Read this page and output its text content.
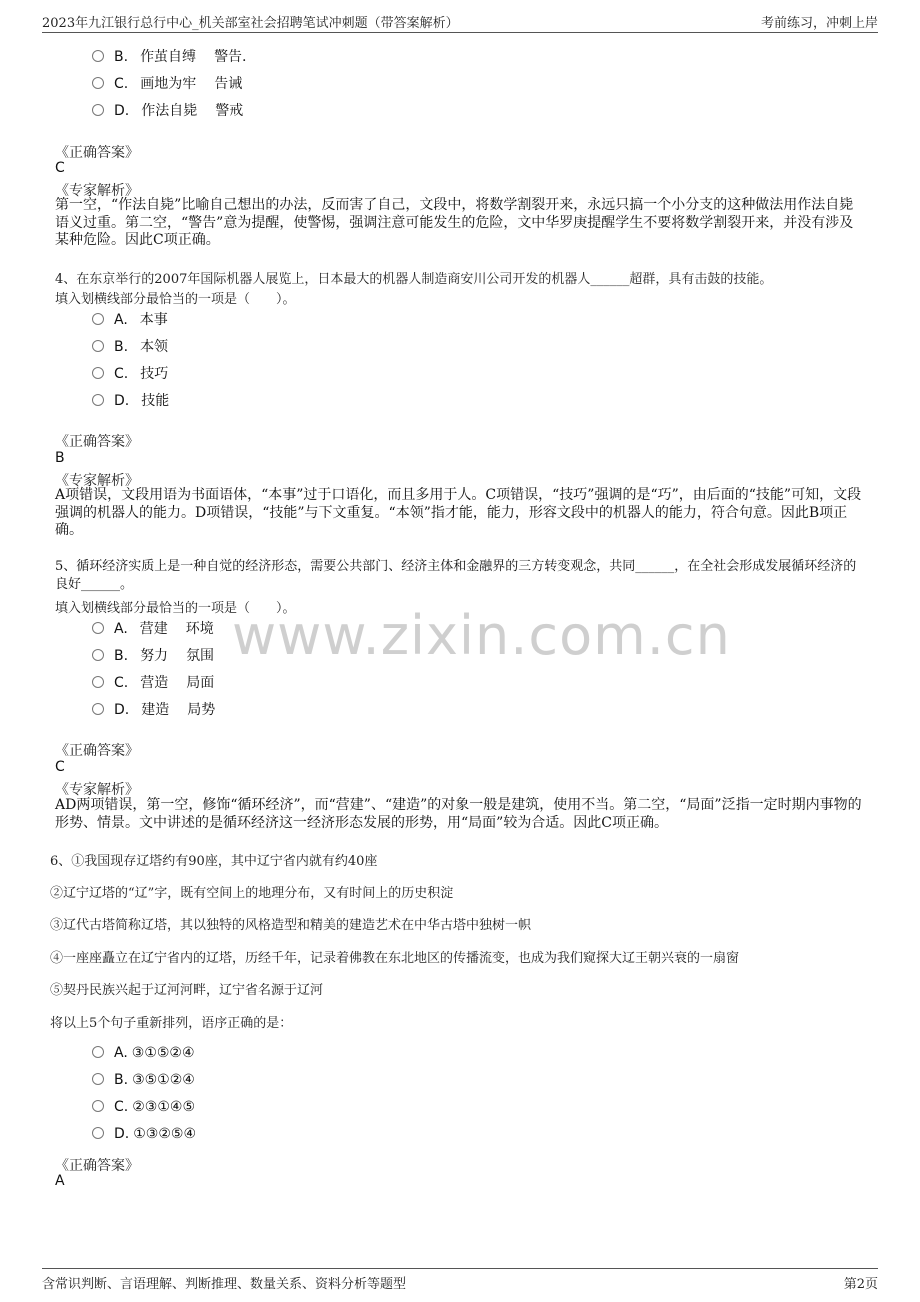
2023年九江银行总行中心_机关部室社会招聘笔试冲刺题（带答案解析）	考前练习，冲刺上岸
www.zixin.com.cn
B. 作茧自缚 警告.
C. 画地为牢 告诫
D. 作法自毙 警戒
《正确答案》
C
《专家解析》
第一空，“作法自毙”比喻自己想出的办法，反而害了自己，文段中，将数学割裂开来，永远只搞一个小分支的这种做法用作法自毙语义过重。第二空，“警告”意为提醒，使警惕，强调注意可能发生的危险，文中华罗庚提醒学生不要将数学割裂开来，并没有涉及某种危险。因此C项正确。
4、在东京举行的2007年国际机器人展览上，日本最大的机器人制造商安川公司开发的机器人______超群，具有击鼓的技能。
填入划横线部分最恰当的一项是（　　）。
A. 本事
B. 本领
C. 技巧
D. 技能
《正确答案》
B
《专家解析》
A项错误，文段用语为书面语体，“本事”过于口语化，而且多用于人。C项错误，“技巧”强调的是“巧”，由后面的“技能”可知，文段强调的机器人的能力。D项错误，“技能”与下文重复。“本领”指才能，能力，形容文段中的机器人的能力，符合句意。因此B项正确。
5、循环经济实质上是一种自觉的经济形态，需要公共部门、经济主体和金融界的三方转变观念，共同______，在全社会形成发展循环经济的良好______。
填入划横线部分最恰当的一项是（　　）。
A. 营建 环境
B. 努力 氛围
C. 营造 局面
D. 建造 局势
《正确答案》
C
《专家解析》
AD两项错误，第一空，修饰“循环经济”，而“营建”、“建造”的对象一般是建筑，使用不当。第二空，“局面”泛指一定时期内事物的形势、情景。文中讲述的是循环经济这一经济形态发展的形势，用“局面”较为合适。因此C项正确。
6、①我国现存辽塔约有90座，其中辽宁省内就有约40座
②辽宁辽塔的“辽”字，既有空间上的地理分布，又有时间上的历史积淀
③辽代古塔简称辽塔，其以独特的风格造型和精美的建造艺术在中华古塔中独树一帜
④一座座矗立在辽宁省内的辽塔，历经千年，记录着佛教在东北地区的传播流变，也成为我们窥探大辽王朝兴衰的一扇窗
⑤契丹民族兴起于辽河河畔，辽宁省名源于辽河
将以上5个句子重新排列，语序正确的是：
A. ③①⑤②④
B. ③⑤①②④
C. ②③①④⑤
D. ①③②⑤④
《正确答案》
A
含常识判断、言语理解、判断推理、数量关系、资料分析等题型	第2页
